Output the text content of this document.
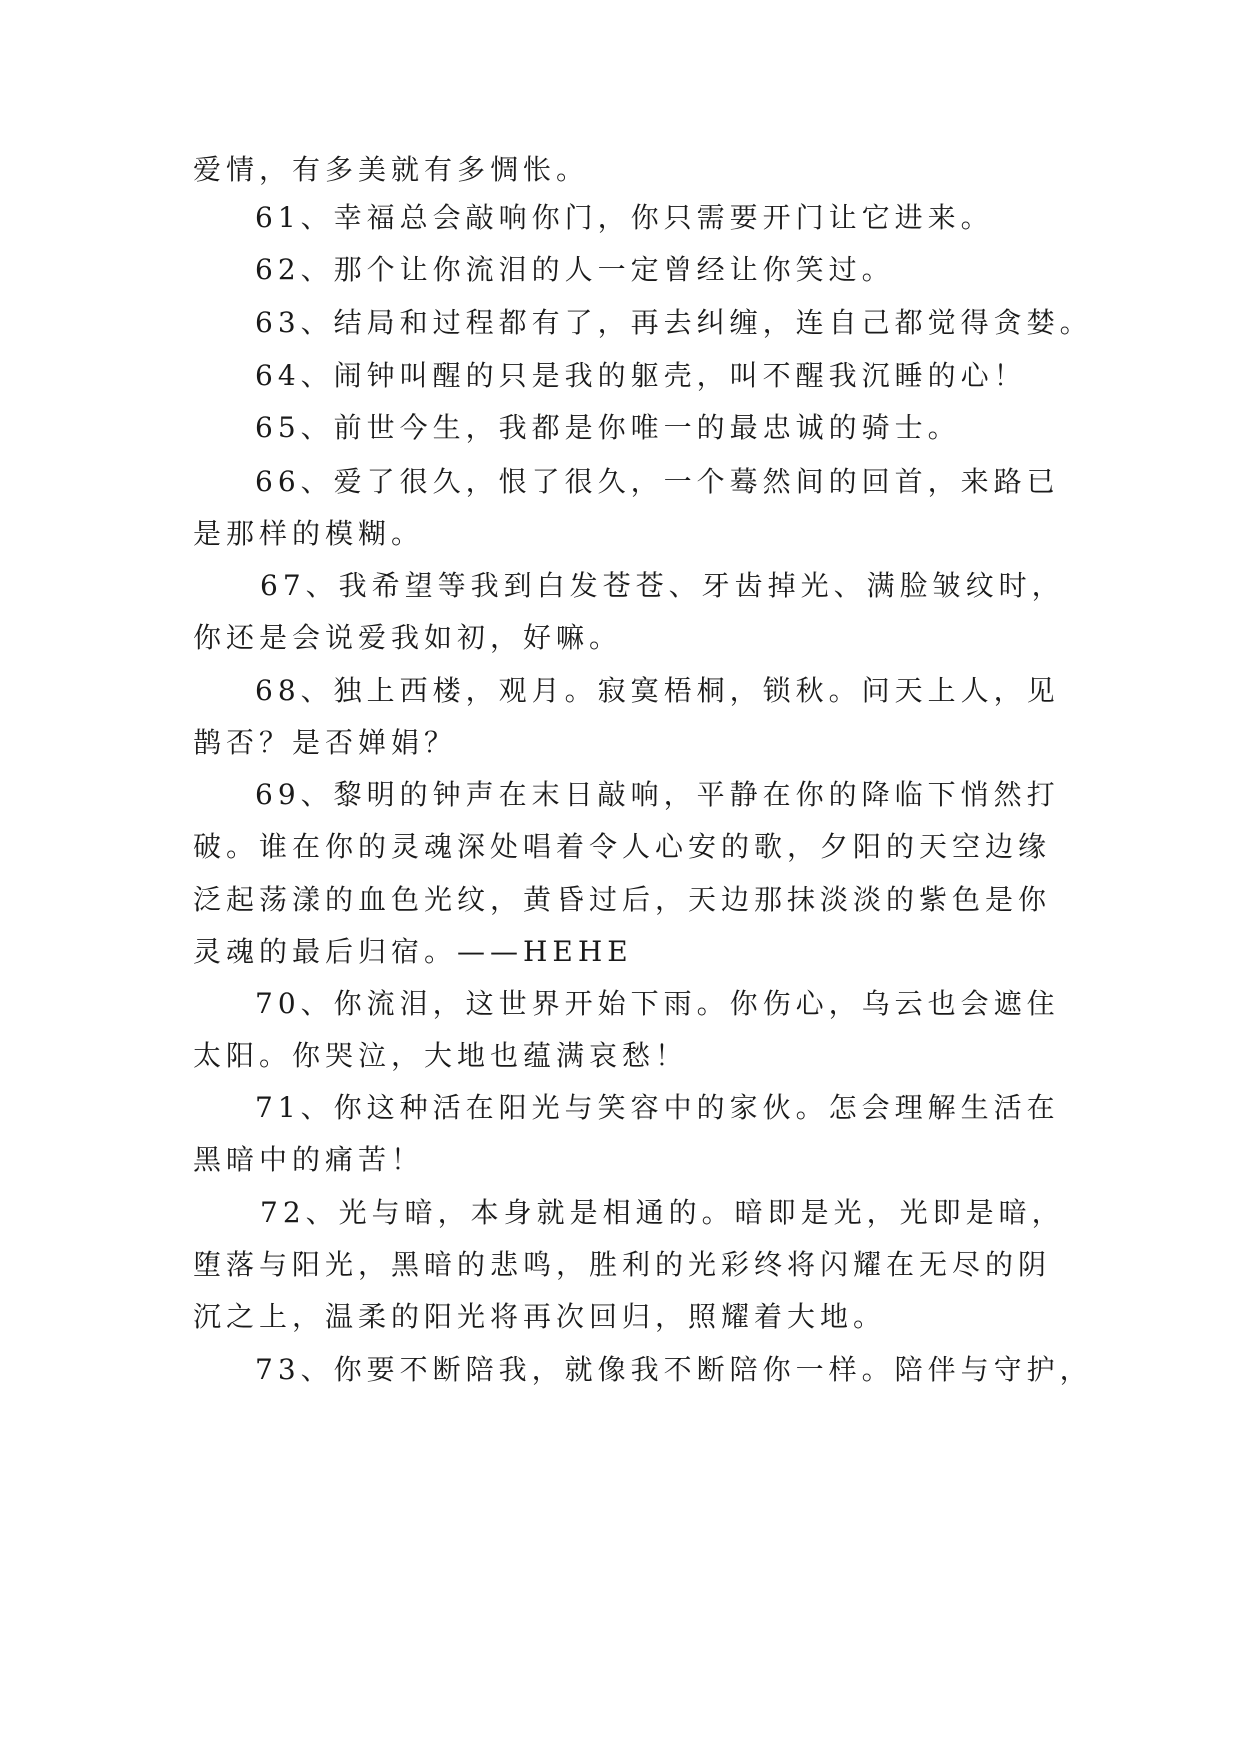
爱情，有多美就有多惆怅。
61、幸福总会敲响你门，你只需要开门让它进来。
62、那个让你流泪的人一定曾经让你笑过。
63、结局和过程都有了，再去纠缠，连自己都觉得贪婪。
64、闹钟叫醒的只是我的躯壳，叫不醒我沉睡的心！
65、前世今生，我都是你唯一的最忠诚的骑士。
66、爱了很久，恨了很久，一个蓦然间的回首，来路已
是那样的模糊。
67、我希望等我到白发苍苍、牙齿掉光、满脸皱纹时，
你还是会说爱我如初，好嘛。
68、独上西楼，观月。寂寞梧桐，锁秋。问天上人，见
鹊否？是否婵娟？
69、黎明的钟声在末日敲响，平静在你的降临下悄然打
破。谁在你的灵魂深处唱着令人心安的歌，夕阳的天空边缘
泛起荡漾的血色光纹，黄昏过后，天边那抹淡淡的紫色是你
灵魂的最后归宿。——HEHE
70、你流泪，这世界开始下雨。你伤心，乌云也会遮住
太阳。你哭泣，大地也蕴满哀愁！
71、你这种活在阳光与笑容中的家伙。怎会理解生活在
黑暗中的痛苦！
72、光与暗，本身就是相通的。暗即是光，光即是暗，
堕落与阳光，黑暗的悲鸣，胜利的光彩终将闪耀在无尽的阴
沉之上，温柔的阳光将再次回归，照耀着大地。
73、你要不断陪我，就像我不断陪你一样。陪伴与守护，
